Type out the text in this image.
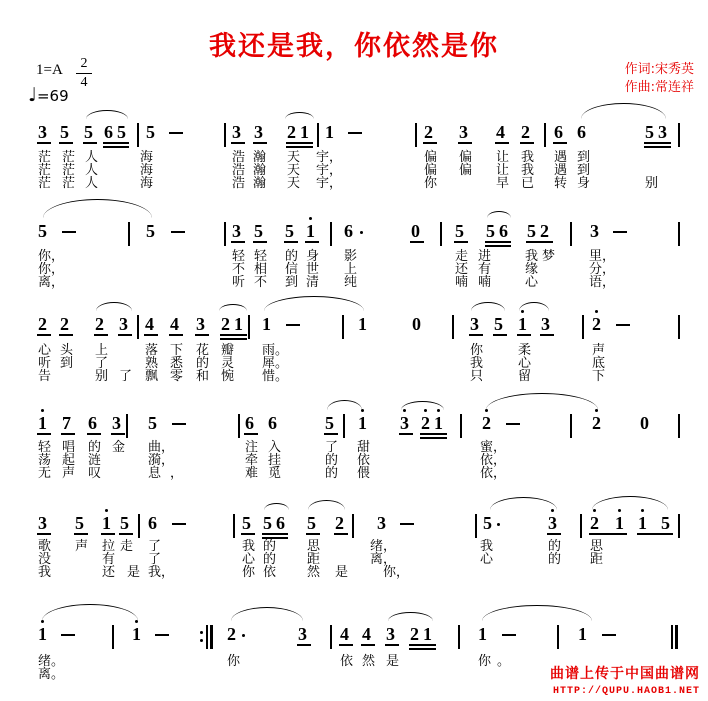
我还是我，你依然是你
1=A	2
4
♩=69
作词:宋秀英
作曲:常连祥
3 5 5 6 5 5	3 3 2 1 1	2 3 4 2 6 6	5 3
茫 茫 人	海	浩 瀚 天 宇，	偏 偏 让 我 遇 到
茫 茫 人	海	浩 瀚 天 宇，	偏 偏 让 我 遇 到
茫 茫 人	海	浩 瀚 天 宇，	你	早 已 转 身	别
5	5	3 5 5 1 6	0 5 5 6 5 2 3
你，	轻 轻 的 身 影	走 进	我 梦	里，
你，	不 相 信 世 上	还 有	缘	分，
离，	听 不 到 清 纯	喃 喃	心	语，
2 2 2 3 4 4 3 2 1 1	1	0	3 5 1 3 2
心 头 上	落 下 花 瓣 雨。	你	柔	声
听 到 了	熟 悉 的 灵 犀。	我	心	底
告	别 了 飘 零 和 惋 惜。	只	留	下
1 7 6 3 5	6 6	5 1 3 2 1 2	2 0
轻 唱 的 金 曲，	注 入	了 甜	蜜，
荡 起 涟	漪，	牵 挂	的 依	依，
无 声 叹	息 ，	难 觅	的 偎	依，
3 5 1 5 6	5 5 6 5 2 3	5	3 2 1 1 5
歌 声 拉 走 了	我 的 思	绪，	我	的 思
没	有	了	心 的 距	离，	心	的 距
我	还 是 我，	你 依 然 是	你，
1	1	2	3 4 4 3 2 1	1	1
绪。	你	依 然 是	你 。
离。	曲谱上传于中国曲谱网
HTTP://QUPU.HAOB1.NET
